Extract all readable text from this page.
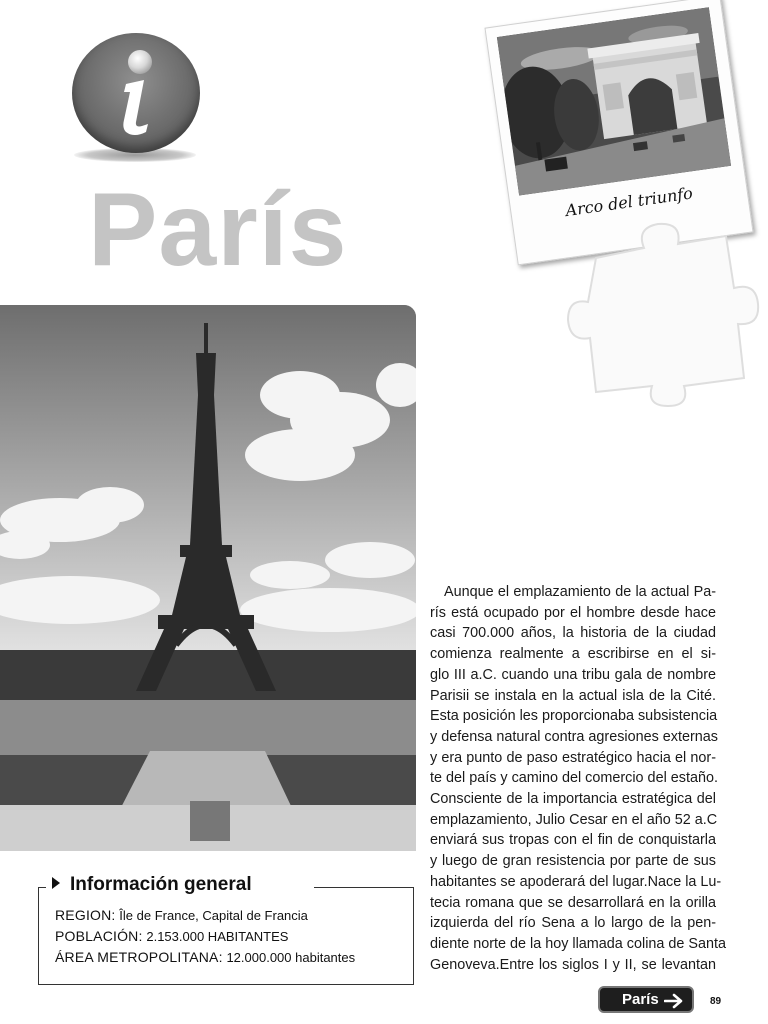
París	Arco del triunfo
Información general
REGION: Île de France, Capital de Francia
POBLACIÓN: 2.153.000 HABITANTES
ÁREA METROPOLITANA: 12.000.000 habitantes
Aunque el emplazamiento de la actual Pa-
rís está ocupado por el hombre desde hace
casi 700.000 años, la historia de la ciudad
comienza realmente a escribirse en el si-
glo III a.C. cuando una tribu gala de nombre
Parisii se instala en la actual isla de la Cité.
Esta posición les proporcionaba subsistencia
y defensa natural contra agresiones externas
y era punto de paso estratégico hacia el nor-
te del país y camino del comercio del estaño.
Consciente de la importancia estratégica del
emplazamiento, Julio Cesar en el año 52 a.C
enviará sus tropas con el fin de conquistarla
y luego de gran resistencia por parte de sus
habitantes se apoderará del lugar.Nace la Lu-
tecia romana que se desarrollará en la orilla
izquierda del río Sena a lo largo de la pen-
diente norte de la hoy llamada colina de Santa
Genoveva.Entre los siglos I y II, se levantan
París	89
